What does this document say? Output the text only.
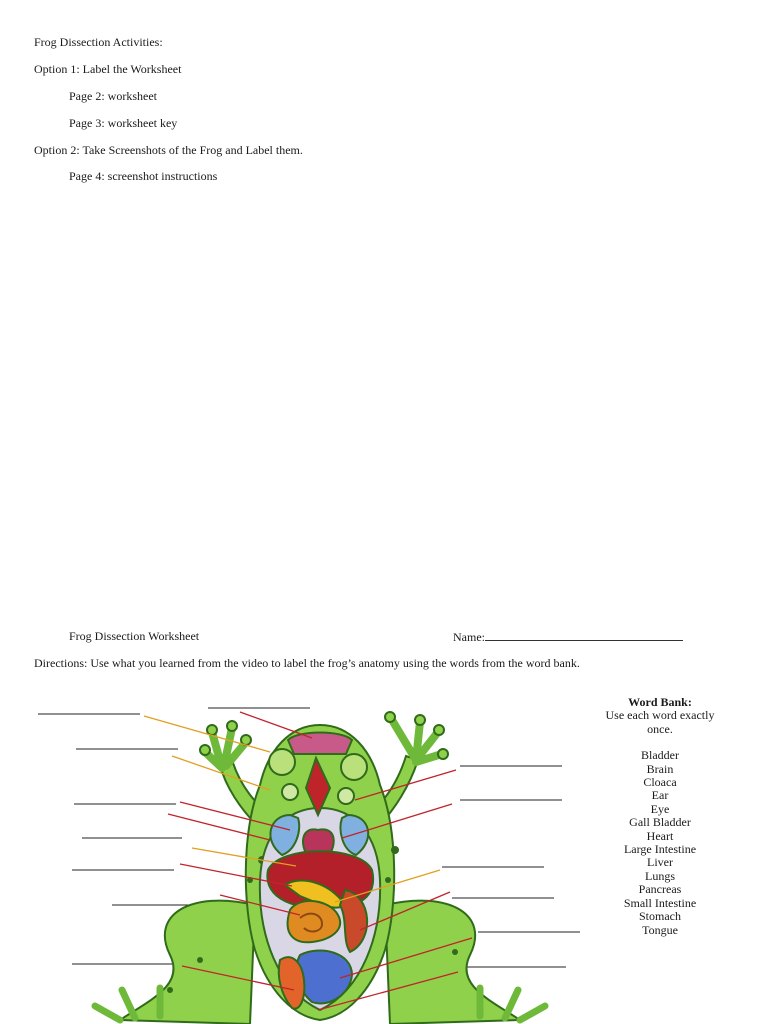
Frog Dissection Activities:
Option 1: Label the Worksheet
Page 2: worksheet
Page 3: worksheet key
Option 2: Take Screenshots of the Frog and Label them.
Page 4: screenshot instructions
Frog Dissection Worksheet	Name:
Directions: Use what you learned from the video to label the frog’s anatomy using the words from the word bank.
Word Bank:
Use each word exactly once.
Bladder
Brain
Cloaca
Ear
Eye
Gall Bladder
Heart
Large Intestine
Liver
Lungs
Pancreas
Small Intestine
Stomach
Tongue
